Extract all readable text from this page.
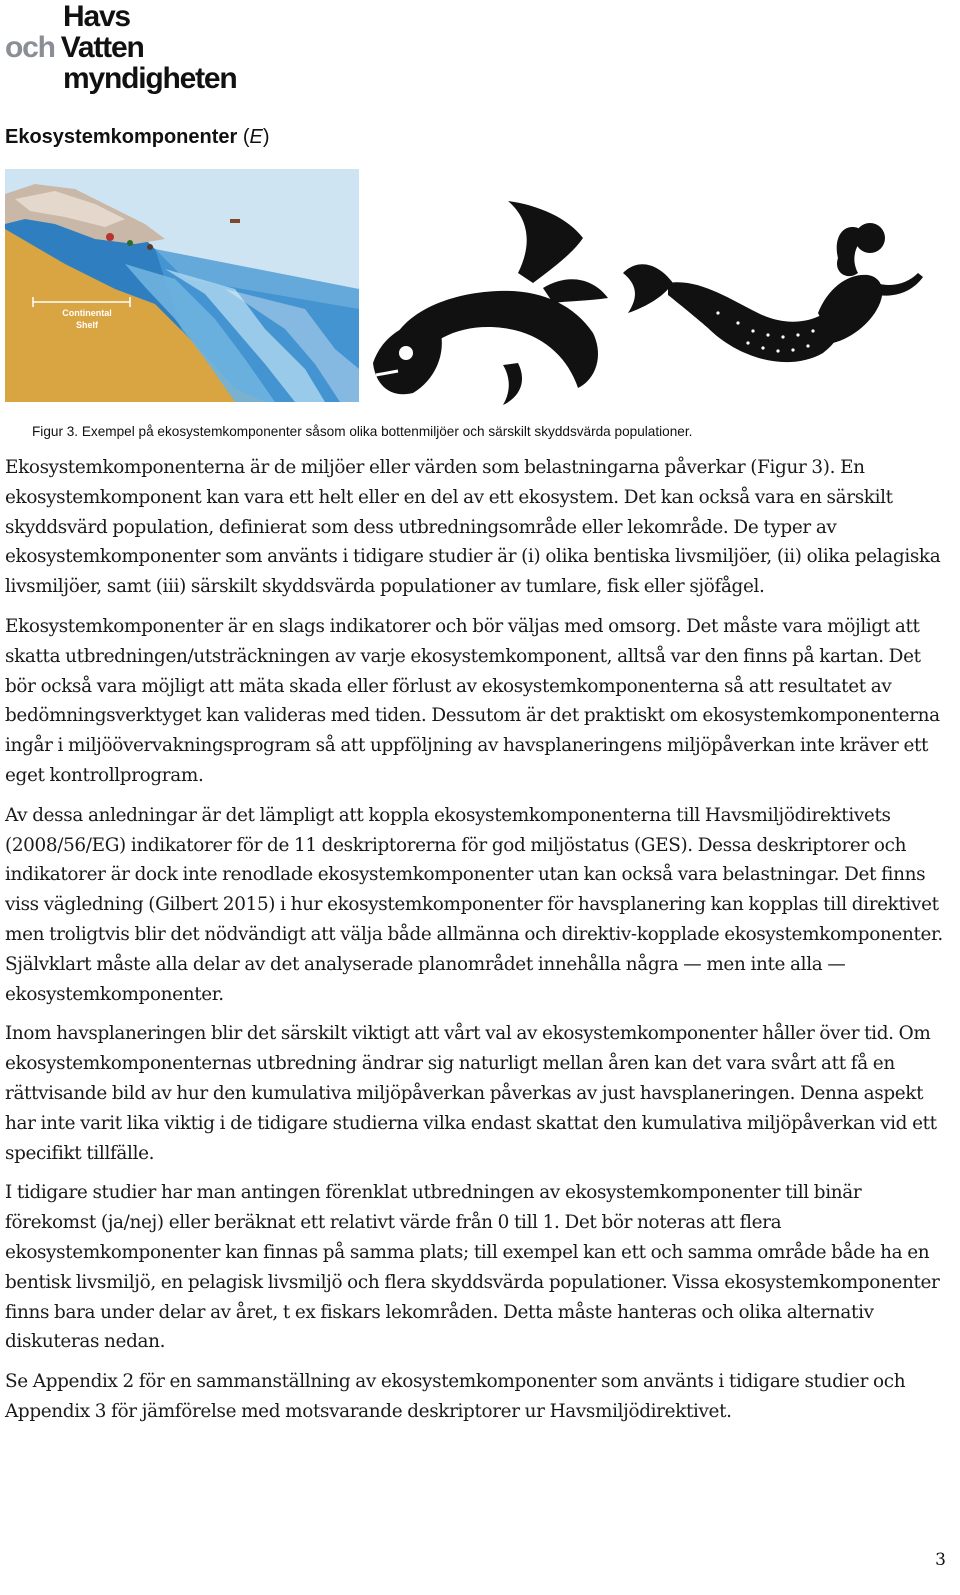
Havs
och Vatten
myndigheten
Ekosystemkomponenter (E)
Continental
Shelf
Figur 3. Exempel på ekosystemkomponenter såsom olika bottenmiljöer och särskilt skyddsvärda populationer.

Ekosystemkomponenterna är de miljöer eller värden som belastningarna påverkar (Figur 3). En ekosystemkomponent kan vara ett helt eller en del av ett ekosystem. Det kan också vara en särskilt skyddsvärd population, definierat som dess utbredningsområde eller lekområde. De typer av ekosystemkomponenter som använts i tidigare studier är (i) olika bentiska livsmiljöer, (ii) olika pelagiska livsmiljöer, samt (iii) särskilt skyddsvärda populationer av tumlare, fisk eller sjöfågel.

Ekosystemkomponenter är en slags indikatorer och bör väljas med omsorg. Det måste vara möjligt att skatta utbredningen/utsträckningen av varje ekosystemkomponent, alltså var den finns på kartan. Det bör också vara möjligt att mäta skada eller förlust av ekosystemkomponenterna så att resultatet av bedömningsverktyget kan valideras med tiden. Dessutom är det praktiskt om ekosystemkomponenterna ingår i miljöövervakningsprogram så att uppföljning av havsplaneringens miljöpåverkan inte kräver ett eget kontrollprogram.

Av dessa anledningar är det lämpligt att koppla ekosystemkomponenterna till Havsmiljödirektivets (2008/56/EG) indikatorer för de 11 deskriptorerna för god miljöstatus (GES). Dessa deskriptorer och indikatorer är dock inte renodlade ekosystemkomponenter utan kan också vara belastningar. Det finns viss vägledning (Gilbert 2015) i hur ekosystemkomponenter för havsplanering kan kopplas till direktivet men troligtvis blir det nödvändigt att välja både allmänna och direktiv-kopplade ekosystemkomponenter. Självklart måste alla delar av det analyserade planområdet innehålla några — men inte alla — ekosystemkomponenter.

Inom havsplaneringen blir det särskilt viktigt att vårt val av ekosystemkomponenter håller över tid. Om ekosystemkomponenternas utbredning ändrar sig naturligt mellan åren kan det vara svårt att få en rättvisande bild av hur den kumulativa miljöpåverkan påverkas av just havsplaneringen. Denna aspekt har inte varit lika viktig i de tidigare studierna vilka endast skattat den kumulativa miljöpåverkan vid ett specifikt tillfälle.

I tidigare studier har man antingen förenklat utbredningen av ekosystemkomponenter till binär förekomst (ja/nej) eller beräknat ett relativt värde från 0 till 1. Det bör noteras att flera ekosystemkomponenter kan finnas på samma plats; till exempel kan ett och samma område både ha en bentisk livsmiljö, en pelagisk livsmiljö och flera skyddsvärda populationer. Vissa ekosystemkomponenter finns bara under delar av året, t ex fiskars lekområden. Detta måste hanteras och olika alternativ diskuteras nedan.

Se Appendix 2 för en sammanställning av ekosystemkomponenter som använts i tidigare studier och Appendix 3 för jämförelse med motsvarande deskriptorer ur Havsmiljödirektivet.

3
